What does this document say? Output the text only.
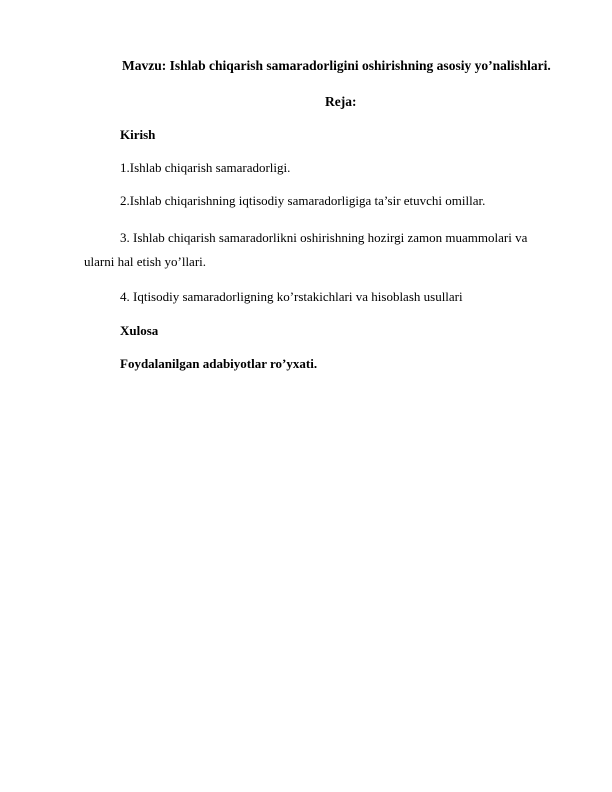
Mavzu: Ishlab chiqarish samaradorligini oshirishning asosiy yo’nalishlari.
Reja:
Kirish
1.Ishlab chiqarish samaradorligi.
2.Ishlab chiqarishning iqtisodiy samaradorligiga ta’sir etuvchi omillar.
3. Ishlab chiqarish samaradorlikni oshirishning hozirgi zamon muammolari va
ularni hal etish yo’llari.
4. Iqtisodiy samaradorligning ko’rstakichlari va hisoblash usullari
Xulosa
Foydalanilgan adabiyotlar ro’yxati.
